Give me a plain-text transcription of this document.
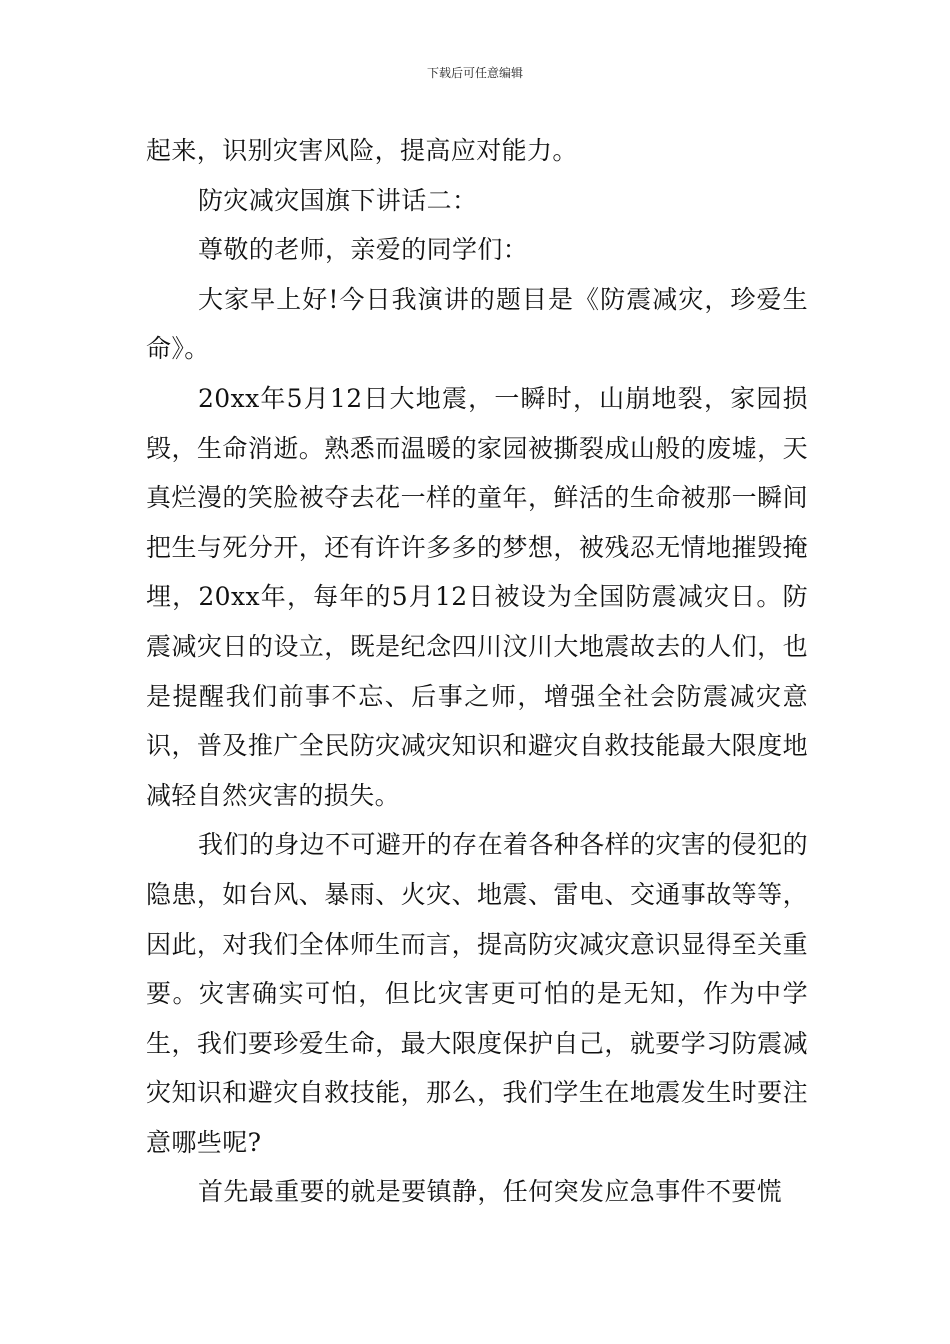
下载后可任意编辑

起来，识别灾害风险，提高应对能力。

防灾减灾国旗下讲话二：

尊敬的老师，亲爱的同学们：

大家早上好!今日我演讲的题目是《防震减灾，珍爱生命》。

20xx年5月12日大地震，一瞬时，山崩地裂，家园损毁，生命消逝。熟悉而温暖的家园被撕裂成山般的废墟，天真烂漫的笑脸被夺去花一样的童年，鲜活的生命被那一瞬间把生与死分开，还有许许多多的梦想，被残忍无情地摧毁掩埋，20xx年，每年的5月12日被设为全国防震减灾日。防震减灾日的设立，既是纪念四川汶川大地震故去的人们，也是提醒我们前事不忘、后事之师，增强全社会防震减灾意识，普及推广全民防灾减灾知识和避灾自救技能最大限度地减轻自然灾害的损失。

我们的身边不可避开的存在着各种各样的灾害的侵犯的隐患，如台风、暴雨、火灾、地震、雷电、交通事故等等，因此，对我们全体师生而言，提高防灾减灾意识显得至关重要。灾害确实可怕，但比灾害更可怕的是无知，作为中学生，我们要珍爱生命，最大限度保护自己，就要学习防震减灾知识和避灾自救技能，那么，我们学生在地震发生时要注意哪些呢?

首先最重要的就是要镇静，任何突发应急事件不要慌
